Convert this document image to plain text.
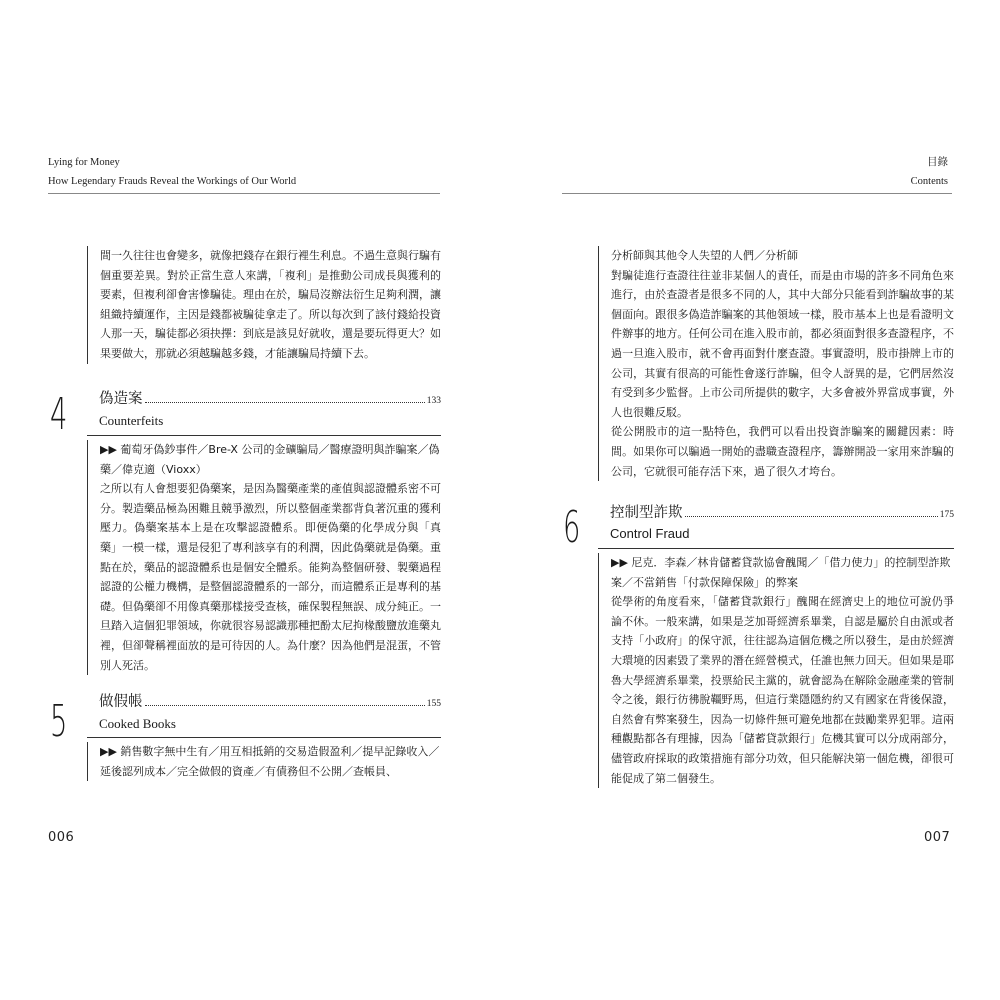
Lying for Money
How Legendary Frauds Reveal the Workings of Our World
目錄
Contents

間一久往往也會變多，就像把錢存在銀行裡生利息。不過生意與行騙有個重要差異。對於正當生意人來講，「複利」是推動公司成長與獲利的要素，但複利卻會害慘騙徒。理由在於，騙局沒辦法衍生足夠利潤，讓組織持續運作，主因是錢都被騙徒拿走了。所以每次到了該付錢給投資人那一天，騙徒都必須抉擇：到底是該見好就收，還是要玩得更大？如果要做大，那就必須越騙越多錢，才能讓騙局持續下去。

4 偽造案	133
Counterfeits

▶▶ 葡萄牙偽鈔事件／Bre-X 公司的金礦騙局／醫療證明與詐騙案／偽藥／偉克適（Vioxx）

之所以有人會想要犯偽藥案，是因為醫藥產業的產值與認證體系密不可分。製造藥品極為困難且競爭激烈，所以整個產業都背負著沉重的獲利壓力。偽藥案基本上是在攻擊認證體系。即便偽藥的化學成分與「真藥」一模一樣，還是侵犯了專利該享有的利潤，因此偽藥就是偽藥。重點在於，藥品的認證體系也是個安全體系。能夠為整個研發、製藥過程認證的公權力機構，是整個認證體系的一部分，而這體系正是專利的基礎。但偽藥卻不用像真藥那樣接受查核，確保製程無誤、成分純正。一旦踏入這個犯罪領域，你就很容易認識那種把酚太尼拘椽酸鹽放進藥丸裡，但卻聲稱裡面放的是可待因的人。為什麼？因為他們是混蛋，不管別人死活。

5 做假帳	155
Cooked Books

▶▶ 銷售數字無中生有／用互相抵銷的交易造假盈利／提早記錄收入／延後認列成本／完全做假的資產／有債務但不公開／查帳員、

分析師與其他令人失望的人們／分析師

對騙徒進行查證往往並非某個人的責任，而是由市場的許多不同角色來進行，由於查證者是很多不同的人，其中大部分只能看到詐騙故事的某個面向。跟很多偽造詐騙案的其他領域一樣，股市基本上也是看證明文件辦事的地方。任何公司在進入股市前，都必須面對很多查證程序，不過一旦進入股市，就不會再面對什麼查證。事實證明，股市掛牌上市的公司，其實有很高的可能性會遂行詐騙，但令人訝異的是，它們居然沒有受到多少監督。上市公司所提供的數字，大多會被外界當成事實，外人也很難反駁。

從公開股市的這一點特色，我們可以看出投資詐騙案的關鍵因素：時間。如果你可以騙過一開始的盡職查證程序，籌辦開設一家用來詐騙的公司，它就很可能存活下來，過了很久才垮台。

6 控制型詐欺	175
Control Fraud

▶▶ 尼克．李森／林肯儲蓄貸款協會醜聞／「借力使力」的控制型詐欺案／不當銷售「付款保障保險」的弊案

從學術的角度看來，「儲蓄貸款銀行」醜聞在經濟史上的地位可說仍爭論不休。一般來講，如果是芝加哥經濟系畢業，自認是屬於自由派或者支持「小政府」的保守派，往往認為這個危機之所以發生，是由於經濟大環境的因素毀了業界的潛在經營模式，任誰也無力回天。但如果是耶魯大學經濟系畢業，投票給民主黨的，就會認為在解除金融產業的管制令之後，銀行彷彿脫韁野馬，但這行業隱隱約約又有國家在背後保證，自然會有弊案發生，因為一切條件無可避免地都在鼓勵業界犯罪。這兩種觀點都各有理據，因為「儲蓄貸款銀行」危機其實可以分成兩部分，儘管政府採取的政策措施有部分功效，但只能解決第一個危機，卻很可能促成了第二個發生。

006	007
